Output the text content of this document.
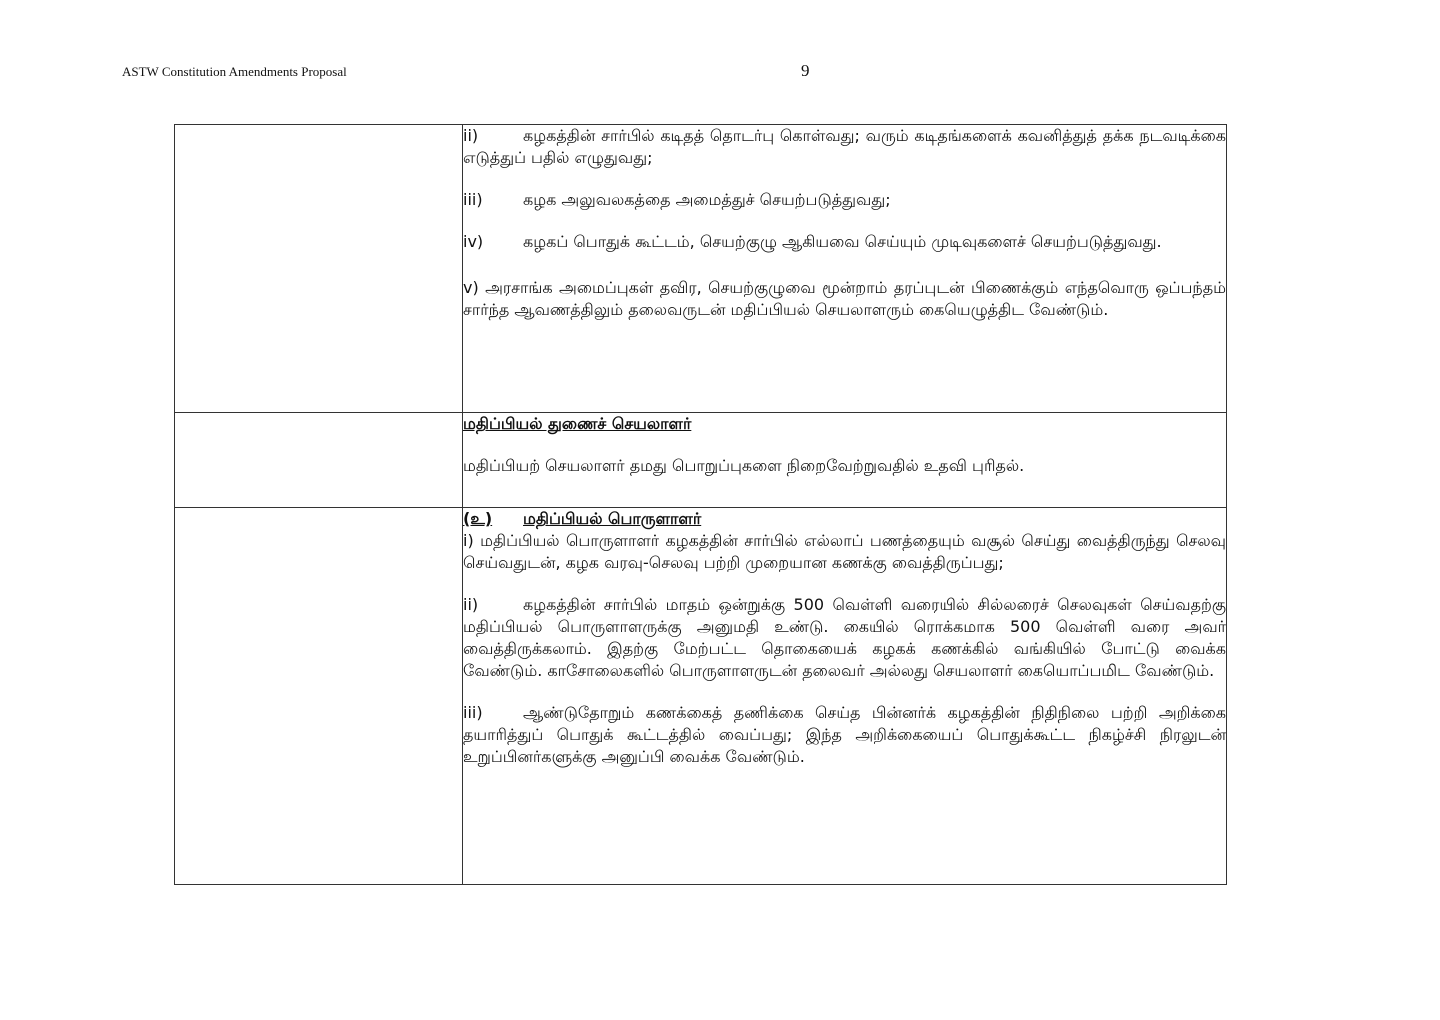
ASTW Constitution Amendments Proposal	9

	ii) கழகத்தின் சார்பில் கடிதத் தொடர்பு கொள்வது; வரும் கடிதங்களைக் கவனித்துத் தக்க நடவடிக்கை எடுத்துப் பதில் எழுதுவது;

iii) கழக அலுவலகத்தை அமைத்துச் செயற்படுத்துவது;

iv) கழகப் பொதுக் கூட்டம், செயற்குழு ஆகியவை செய்யும் முடிவுகளைச் செயற்படுத்துவது.

v) அரசாங்க அமைப்புகள் தவிர, செயற்குழுவை மூன்றாம் தரப்புடன் பிணைக்கும் எந்தவொரு ஒப்பந்தம் சார்ந்த ஆவணத்திலும் தலைவருடன் மதிப்பியல் செயலாளரும் கையெழுத்திட வேண்டும்.

	மதிப்பியல் துணைச் செயலாளர்

மதிப்பியற் செயலாளர் தமது பொறுப்புகளை நிறைவேற்றுவதில் உதவி புரிதல்.

	(உ) மதிப்பியல் பொருளாளர்

i) மதிப்பியல் பொருளாளர் கழகத்தின் சார்பில் எல்லாப் பணத்தையும் வசூல் செய்து வைத்திருந்து செலவு செய்வதுடன், கழக வரவு-செலவு பற்றி முறையான கணக்கு வைத்திருப்பது;

ii) கழகத்தின் சார்பில் மாதம் ஒன்றுக்கு 500 வெள்ளி வரையில் சில்லரைச் செலவுகள் செய்வதற்கு மதிப்பியல் பொருளாளருக்கு அனுமதி உண்டு. கையில் ரொக்கமாக 500 வெள்ளி வரை அவர் வைத்திருக்கலாம். இதற்கு மேற்பட்ட தொகையைக் கழகக் கணக்கில் வங்கியில் போட்டு வைக்க வேண்டும். காசோலைகளில் பொருளாளருடன் தலைவர் அல்லது செயலாளர் கையொப்பமிட வேண்டும்.

iii) ஆண்டுதோறும் கணக்கைத் தணிக்கை செய்த பின்னர்க் கழகத்தின் நிதிநிலை பற்றி அறிக்கை தயாரித்துப் பொதுக் கூட்டத்தில் வைப்பது; இந்த அறிக்கையைப் பொதுக்கூட்ட நிகழ்ச்சி நிரலுடன் உறுப்பினர்களுக்கு அனுப்பி வைக்க வேண்டும்.
